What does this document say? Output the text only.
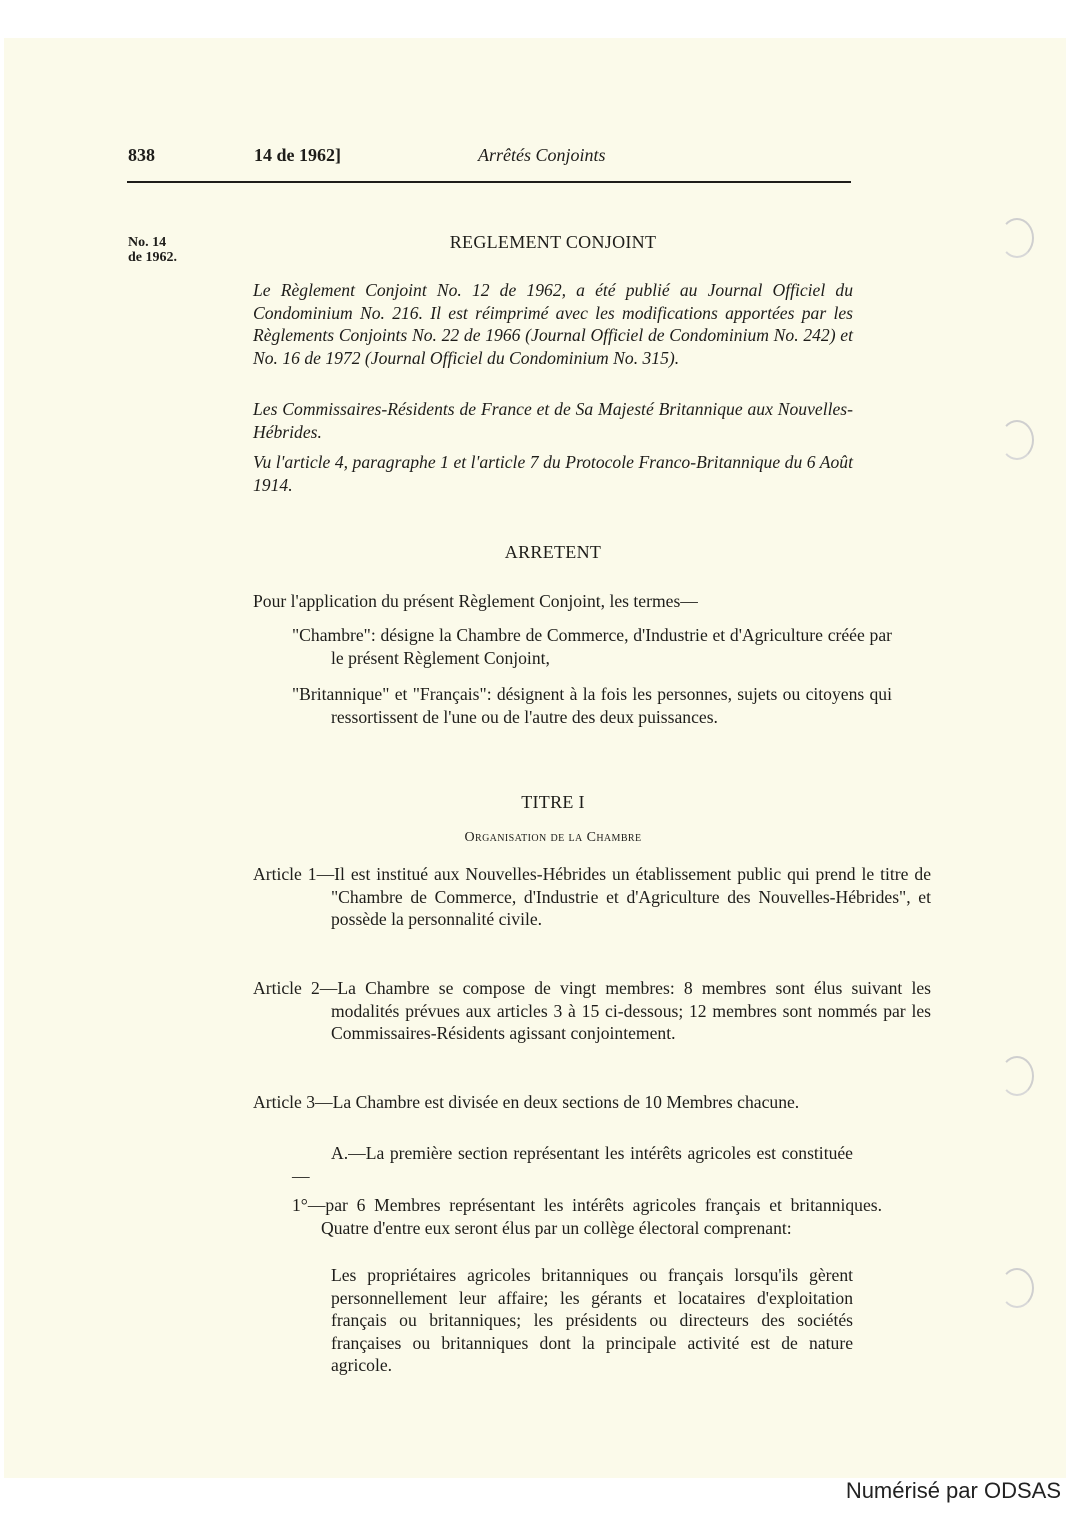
838	14 de 1962]	Arrêtés Conjoints
No. 14
de 1962.
REGLEMENT CONJOINT
Le Règlement Conjoint No. 12 de 1962, a été publié au Journal Officiel du Condominium No. 216. Il est réimprimé avec les modifications apportées par les Règlements Conjoints No. 22 de 1966 (Journal Officiel de Condominium No. 242) et No. 16 de 1972 (Journal Officiel du Condominium No. 315).
Les Commissaires-Résidents de France et de Sa Majesté Britannique aux Nouvelles-Hébrides.
Vu l'article 4, paragraphe 1 et l'article 7 du Protocole Franco-Britannique du 6 Août 1914.
ARRETENT
Pour l'application du présent Règlement Conjoint, les termes—
"Chambre": désigne la Chambre de Commerce, d'Industrie et d'Agriculture créée par le présent Règlement Conjoint,
"Britannique" et "Français": désignent à la fois les personnes, sujets ou citoyens qui ressortissent de l'une ou de l'autre des deux puissances.
TITRE I
Organisation de la Chambre
Article 1—Il est institué aux Nouvelles-Hébrides un établissement public qui prend le titre de "Chambre de Commerce, d'Industrie et d'Agriculture des Nouvelles-Hébrides", et possède la personnalité civile.
Article 2—La Chambre se compose de vingt membres: 8 membres sont élus suivant les modalités prévues aux articles 3 à 15 ci-dessous; 12 membres sont nommés par les Commissaires-Résidents agissant conjointement.
Article 3—La Chambre est divisée en deux sections de 10 Membres chacune.
A.—La première section représentant les intérêts agricoles est constituée—
1°—par 6 Membres représentant les intérêts agricoles français et britanniques. Quatre d'entre eux seront élus par un collège électoral comprenant:
Les propriétaires agricoles britanniques ou français lorsqu'ils gèrent personnellement leur affaire; les gérants et locataires d'exploitation français ou britanniques; les présidents ou directeurs des sociétés françaises ou britanniques dont la principale activité est de nature agricole.
Numérisé par ODSAS
